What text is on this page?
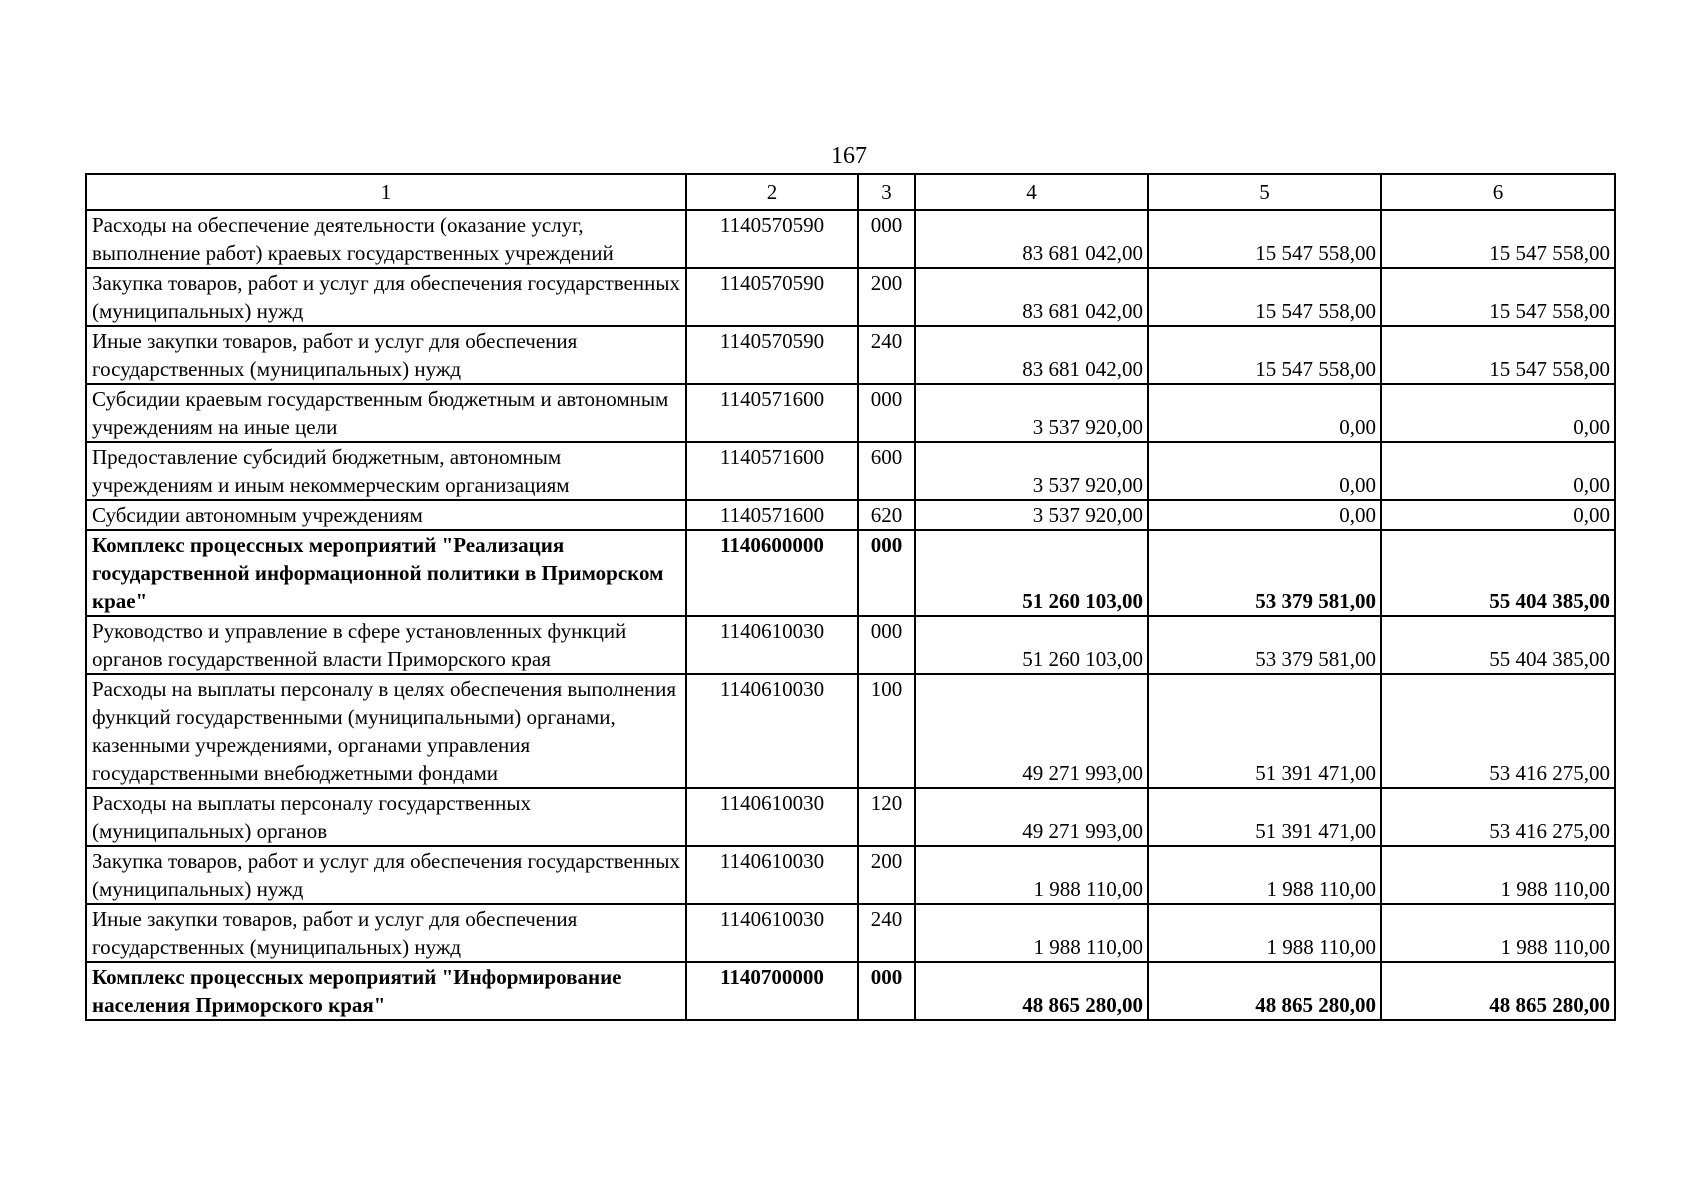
167
1	2	3	4	5	6
Расходы на обеспечение деятельности (оказание услуг, выполнение работ) краевых государственных учреждений	1140570590	000	83 681 042,00	15 547 558,00	15 547 558,00
Закупка товаров, работ и услуг для обеспечения государственных (муниципальных) нужд	1140570590	200	83 681 042,00	15 547 558,00	15 547 558,00
Иные закупки товаров, работ и услуг для обеспечения государственных (муниципальных) нужд	1140570590	240	83 681 042,00	15 547 558,00	15 547 558,00
Субсидии краевым государственным бюджетным и автономным учреждениям на иные цели	1140571600	000	3 537 920,00	0,00	0,00
Предоставление субсидий бюджетным, автономным учреждениям и иным некоммерческим организациям	1140571600	600	3 537 920,00	0,00	0,00
Субсидии автономным учреждениям	1140571600	620	3 537 920,00	0,00	0,00
Комплекс процессных мероприятий "Реализация государственной информационной политики в Приморском крае"	1140600000	000	51 260 103,00	53 379 581,00	55 404 385,00
Руководство и управление в сфере установленных функций органов государственной власти Приморского края	1140610030	000	51 260 103,00	53 379 581,00	55 404 385,00
Расходы на выплаты персоналу в целях обеспечения выполнения функций государственными (муниципальными) органами, казенными учреждениями, органами управления государственными внебюджетными фондами	1140610030	100	49 271 993,00	51 391 471,00	53 416 275,00
Расходы на выплаты персоналу государственных (муниципальных) органов	1140610030	120	49 271 993,00	51 391 471,00	53 416 275,00
Закупка товаров, работ и услуг для обеспечения государственных (муниципальных) нужд	1140610030	200	1 988 110,00	1 988 110,00	1 988 110,00
Иные закупки товаров, работ и услуг для обеспечения государственных (муниципальных) нужд	1140610030	240	1 988 110,00	1 988 110,00	1 988 110,00
Комплекс процессных мероприятий "Информирование населения Приморского края"	1140700000	000	48 865 280,00	48 865 280,00	48 865 280,00
